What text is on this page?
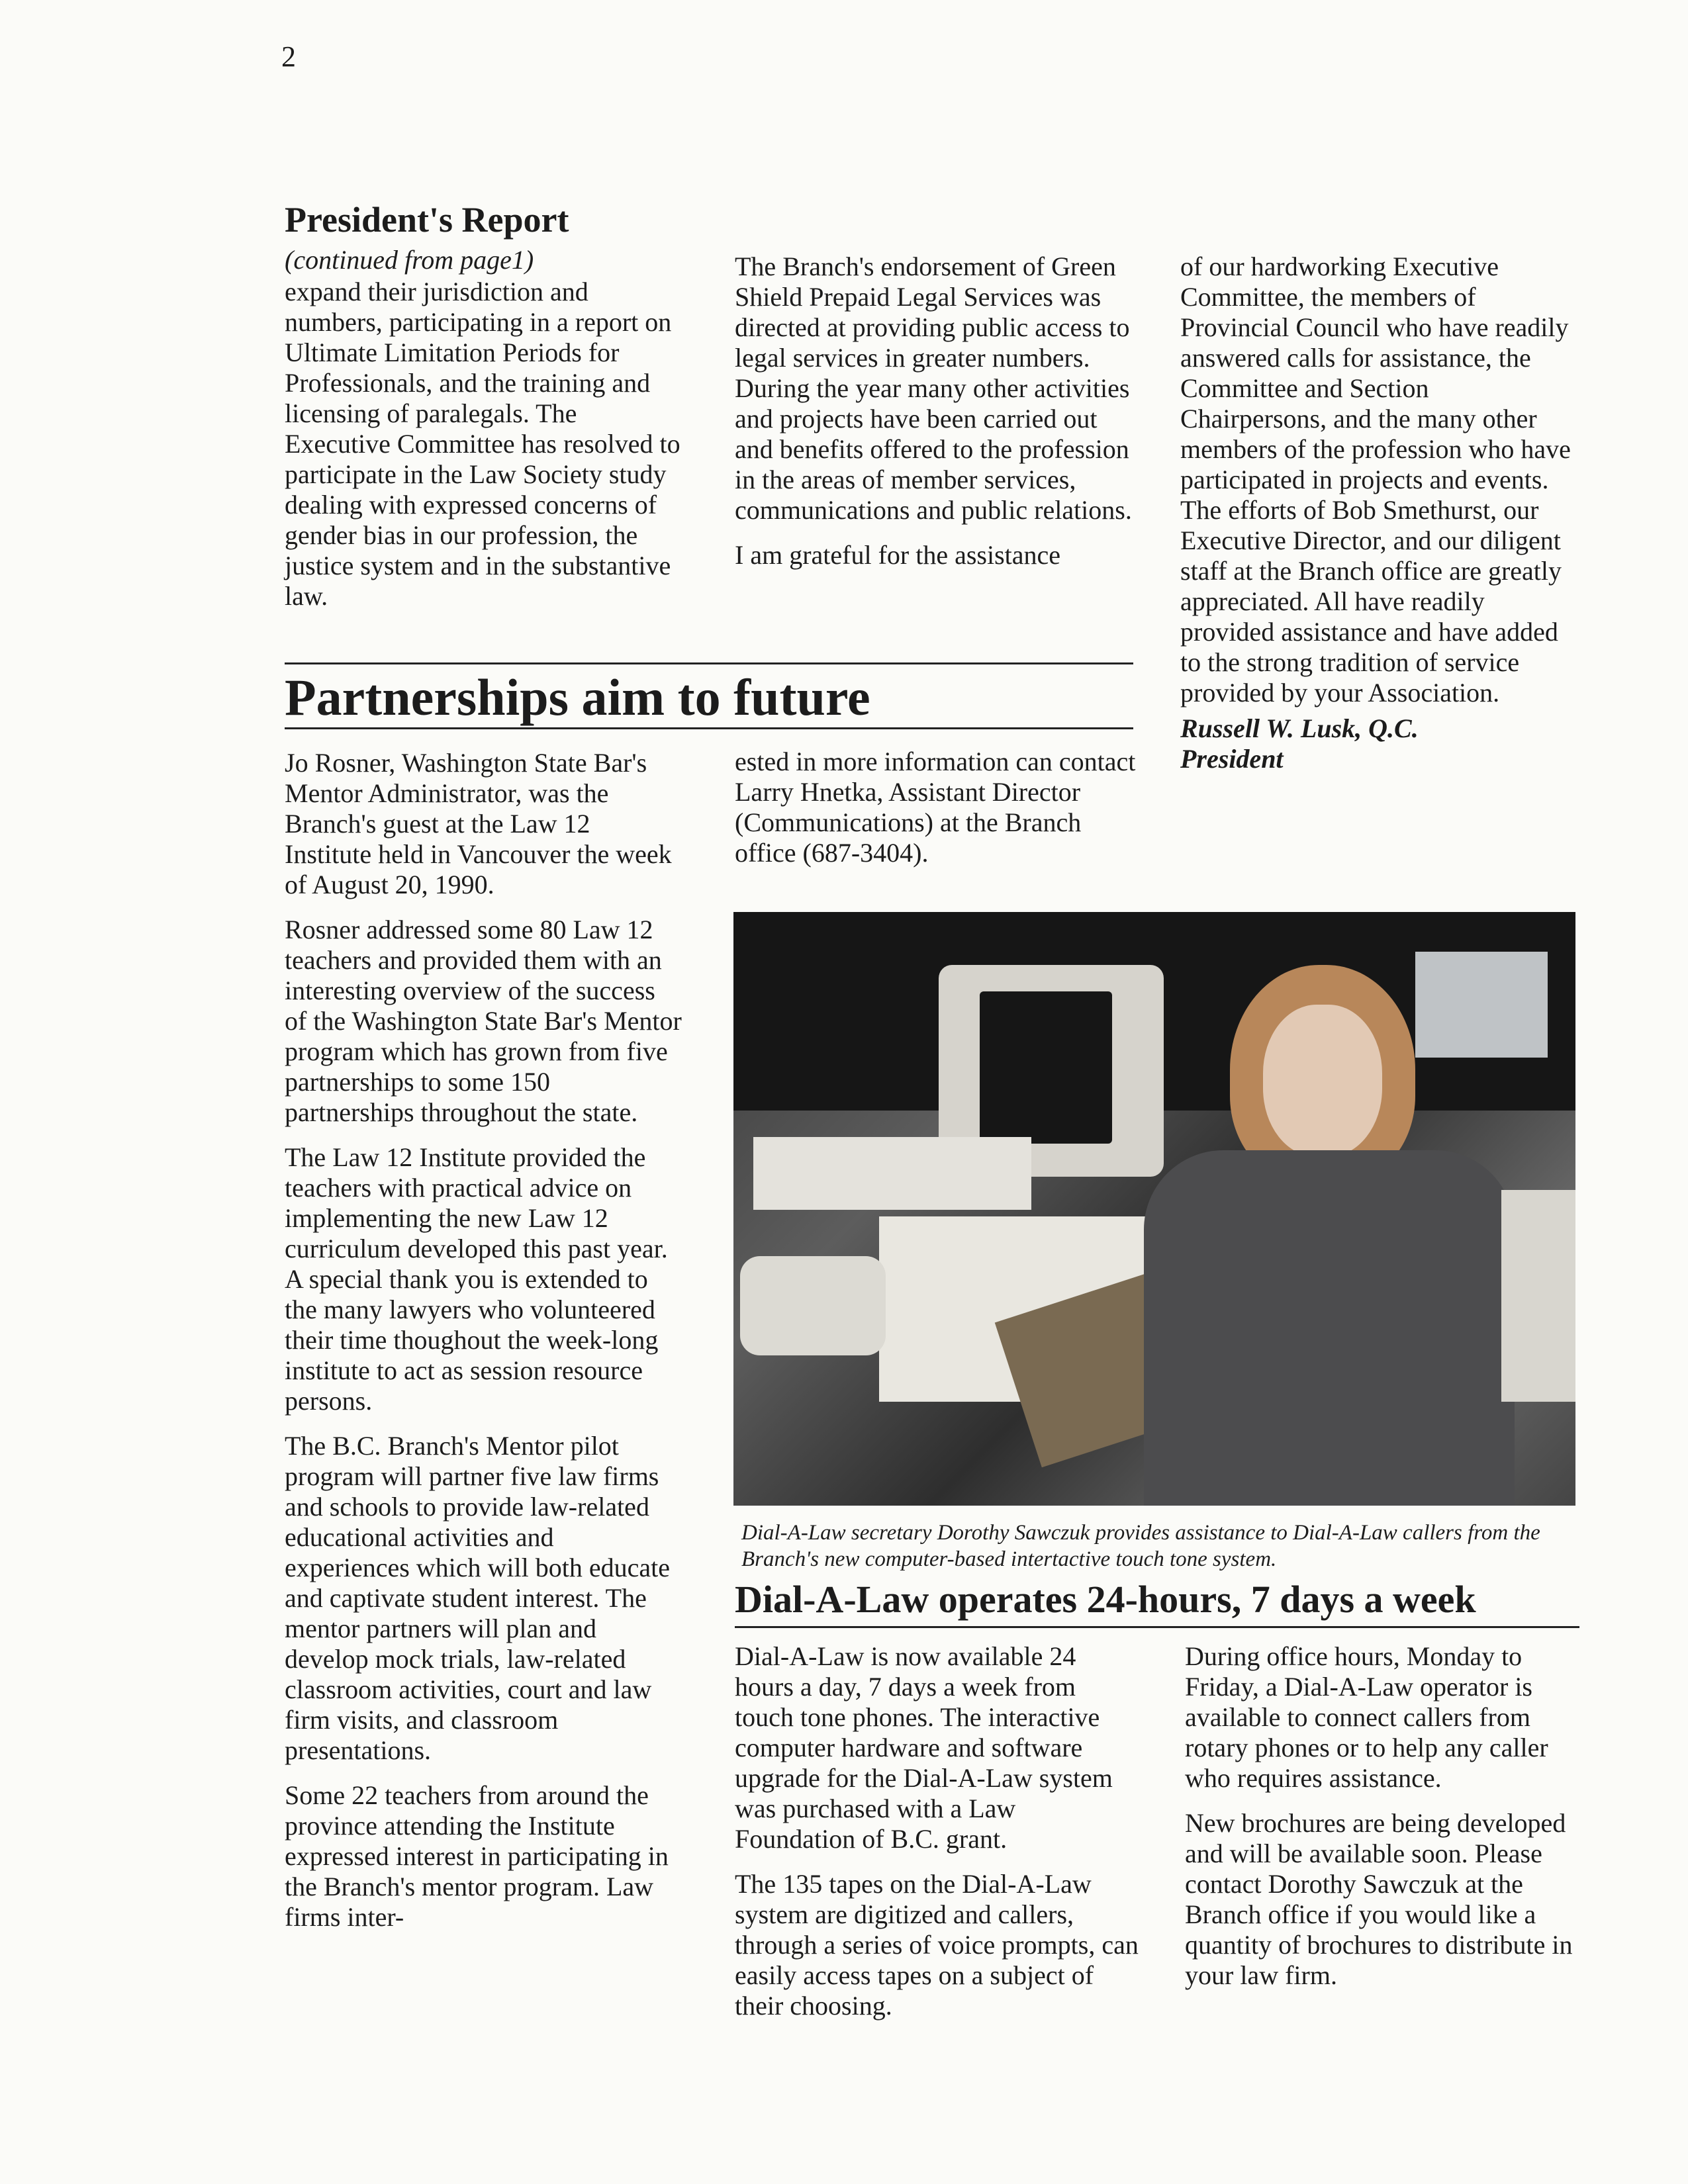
2
President's Report
(continued from page1)
expand their jurisdiction and numbers, participating in a report on Ultimate Limitation Periods for Professionals, and the training and licensing of paralegals. The Executive Committee has resolved to participate in the Law Society study dealing with expressed concerns of gender bias in our profession, the justice system and in the substantive law.

The Branch's endorsement of Green Shield Prepaid Legal Services was directed at providing public access to legal services in greater numbers. During the year many other activities and projects have been carried out and benefits offered to the profession in the areas of member services, communications and public relations.

I am grateful for the assistance

of our hardworking Executive Committee, the members of Provincial Council who have readily answered calls for assistance, the Committee and Section Chairpersons, and the many other members of the profession who have participated in projects and events. The efforts of Bob Smethurst, our Executive Director, and our diligent staff at the Branch office are greatly appreciated. All have readily provided assistance and have added to the strong tradition of service provided by your Association.

Russell W. Lusk, Q.C.
President
Partnerships aim to future

Jo Rosner, Washington State Bar's Mentor Administrator, was the Branch's guest at the Law 12 Institute held in Vancouver the week of August 20, 1990.

Rosner addressed some 80 Law 12 teachers and provided them with an interesting overview of the success of the Washington State Bar's Mentor program which has grown from five partnerships to some 150 partnerships throughout the state.

The Law 12 Institute provided the teachers with practical advice on implementing the new Law 12 curriculum developed this past year. A special thank you is extended to the many lawyers who volunteered their time thoughout the week-long institute to act as session resource persons.

The B.C. Branch's Mentor pilot program will partner five law firms and schools to provide law-related educational activities and experiences which will both educate and captivate student interest. The mentor partners will plan and develop mock trials, law-related classroom activities, court and law firm visits, and classroom presentations.

Some 22 teachers from around the province attending the Institute expressed interest in participating in the Branch's mentor program. Law firms inter-

ested in more information can contact Larry Hnetka, Assistant Director (Communications) at the Branch office (687-3404).
Dial-A-Law secretary Dorothy Sawczuk provides assistance to Dial-A-Law callers from the Branch's new computer-based intertactive touch tone system.
Dial-A-Law operates 24-hours, 7 days a week

Dial-A-Law is now available 24 hours a day, 7 days a week from touch tone phones. The interactive computer hardware and software upgrade for the Dial-A-Law system was purchased with a Law Foundation of B.C. grant.

The 135 tapes on the Dial-A-Law system are digitized and callers, through a series of voice prompts, can easily access tapes on a subject of their choosing.

During office hours, Monday to Friday, a Dial-A-Law operator is available to connect callers from rotary phones or to help any caller who requires assistance.

New brochures are being developed and will be available soon. Please contact Dorothy Sawczuk at the Branch office if you would like a quantity of brochures to distribute in your law firm.
